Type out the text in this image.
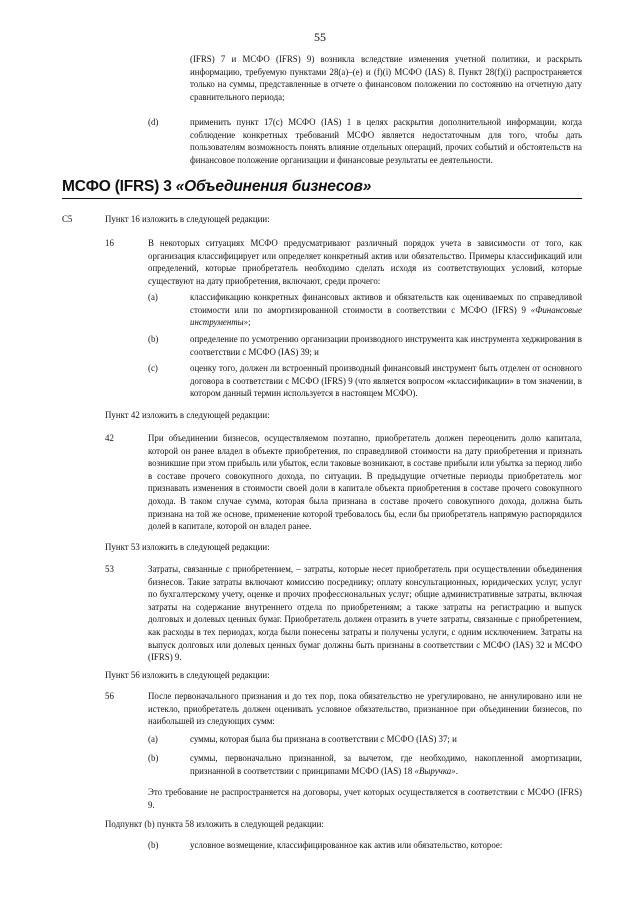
55

(IFRS) 7 и МСФО (IFRS) 9) возникла вследствие изменения учетной политики, и раскрыть информацию, требуемую пунктами 28(a)–(e) и (f)(i) МСФО (IAS) 8. Пункт 28(f)(i) распространяется только на суммы, представленные в отчете о финансовом положении по состоянию на отчетную дату сравнительного периода;

(d)	применить пункт 17(c) МСФО (IAS) 1 в целях раскрытия дополнительной информации, когда соблюдение конкретных требований МСФО является недостаточным для того, чтобы дать пользователям возможность понять влияние отдельных операций, прочих событий и обстоятельств на финансовое положение организации и финансовые результаты ее деятельности.

МСФО (IFRS) 3 «Объединения бизнесов»
C5	Пункт 16 изложить в следующей редакции:
16	В некоторых ситуациях МСФО предусматривают различный порядок учета в зависимости от того, как организация классифицирует или определяет конкретный актив или обязательство. Примеры классификаций или определений, которые приобретатель необходимо сделать исходя из соответствующих условий, которые существуют на дату приобретения, включают, среди прочего:

(a)	классификацию конкретных финансовых активов и обязательств как оцениваемых по справедливой стоимости или по амортизированной стоимости в соответствии с МСФО (IFRS) 9 «Финансовые инструменты»;

(b)	определение по усмотрению организации производного инструмента как инструмента хеджирования в соответствии с МСФО (IAS) 39; и

(c)	оценку того, должен ли встроенный производный финансовый инструмент быть отделен от основного договора в соответствии с МСФО (IFRS) 9 (что является вопросом «классификации» в том значении, в котором данный термин используется в настоящем МСФО).

Пункт 42 изложить в следующей редакции:
42	При объединении бизнесов, осуществляемом поэтапно, приобретатель должен переоценить долю капитала, которой он ранее владел в объекте приобретения, по справедливой стоимости на дату приобретения и признать возникшие при этом прибыль или убыток, если таковые возникают, в составе прибыли или убытка за период либо в составе прочего совокупного дохода, по ситуации. В предыдущие отчетные периоды приобретатель мог признавать изменения в стоимости своей доли в капитале объекта приобретения в составе прочего совокупного дохода. В таком случае сумма, которая была признана в составе прочего совокупного дохода, должна быть признана на той же основе, применение которой требовалось бы, если бы приобретатель напрямую распорядился долей в капитале, которой он владел ранее.

Пункт 53 изложить в следующей редакции:
53	Затраты, связанные с приобретением, – затраты, которые несет приобретатель при осуществлении объединения бизнесов. Такие затраты включают комиссию посреднику; оплату консультационных, юридических услуг, услуг по бухгалтерскому учету, оценке и прочих профессиональных услуг; общие административные затраты, включая затраты на содержание внутреннего отдела по приобретениям; а также затраты на регистрацию и выпуск долговых и долевых ценных бумаг. Приобретатель должен отразить в учете затраты, связанные с приобретением, как расходы в тех периодах, когда были понесены затраты и получены услуги, с одним исключением. Затраты на выпуск долговых или долевых ценных бумаг должны быть признаны в соответствии с МСФО (IAS) 32 и МСФО (IFRS) 9.

Пункт 56 изложить в следующей редакции:
56	После первоначального признания и до тех пор, пока обязательство не урегулировано, не аннулировано или не истекло, приобретатель должен оценивать условное обязательство, признанное при объединении бизнесов, по наибольшей из следующих сумм:

(a)	суммы, которая была бы признана в соответствии с МСФО (IAS) 37; и

(b)	суммы, первоначально признанной, за вычетом, где необходимо, накопленной амортизации, признанной в соответствии с принципами МСФО (IAS) 18 «Выручка».

Это требование не распространяется на договоры, учет которых осуществляется в соответствии с МСФО (IFRS) 9.

Подпункт (b) пункта 58 изложить в следующей редакции:
(b)	условное возмещение, классифицированное как актив или обязательство, которое:
